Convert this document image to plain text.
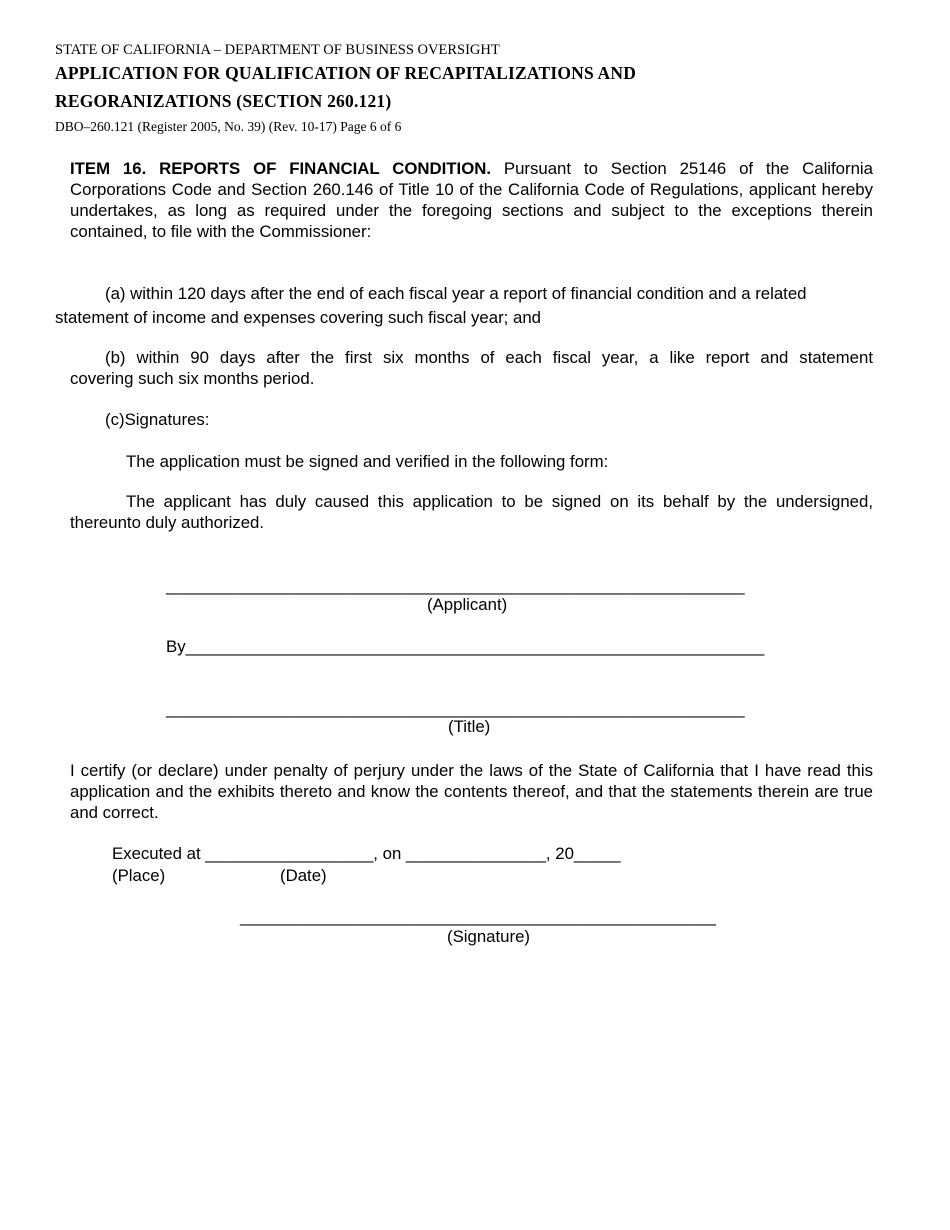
STATE OF CALIFORNIA – DEPARTMENT OF BUSINESS OVERSIGHT
APPLICATION FOR QUALIFICATION OF RECAPITALIZATIONS AND
REGORANIZATIONS (SECTION 260.121)
DBO–260.121 (Register 2005, No. 39) (Rev. 10-17) Page 6 of 6
ITEM 16. REPORTS OF FINANCIAL CONDITION. Pursuant to Section 25146 of the California Corporations Code and Section 260.146 of Title 10 of the California Code of Regulations, applicant hereby undertakes, as long as required under the foregoing sections and subject to the exceptions therein contained, to file with the Commissioner:
(a) within 120 days after the end of each fiscal year a report of financial condition and a related
statement of income and expenses covering such fiscal year; and
(b) within 90 days after the first six months of each fiscal year, a like report and statement
covering such six months period.
(c)Signatures:
The application must be signed and verified in the following form:
The applicant has duly caused this application to be signed on its behalf by the undersigned, thereunto duly authorized.
______________________________________________________________
(Applicant)
By______________________________________________________________
______________________________________________________________
(Title)
I certify (or declare) under penalty of perjury under the laws of the State of California that I have read this application and the exhibits thereto and know the contents thereof, and that the statements therein are true and correct.
Executed at __________________, on _______________, 20_____
(Place)	(Date)
___________________________________________________
(Signature)
